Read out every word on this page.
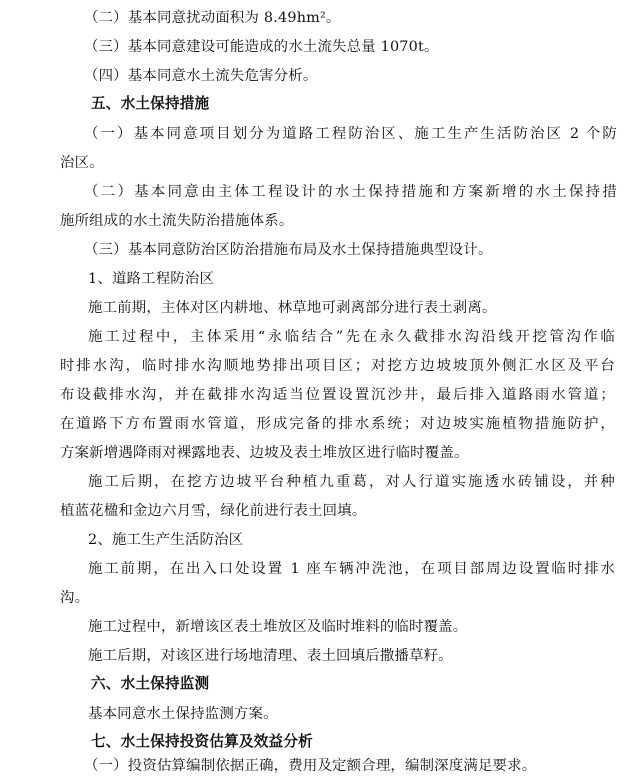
（二）基本同意扰动面积为 8.49hm²。
（三）基本同意建设可能造成的水土流失总量 1070t。
（四）基本同意水土流失危害分析。
五、水土保持措施
（一）基本同意项目划分为道路工程防治区、施工生产生活防治区 2 个防
治区。
（二）基本同意由主体工程设计的水土保持措施和方案新增的水土保持措
施所组成的水土流失防治措施体系。
（三）基本同意防治区防治措施布局及水土保持措施典型设计。
1、道路工程防治区
施工前期，主体对区内耕地、林草地可剥离部分进行表土剥离。
施工过程中，主体采用“永临结合”先在永久截排水沟沿线开挖管沟作临
时排水沟，临时排水沟顺地势排出项目区；对挖方边坡坡顶外侧汇水区及平台
布设截排水沟，并在截排水沟适当位置设置沉沙井，最后排入道路雨水管道；
在道路下方布置雨水管道，形成完备的排水系统；对边坡实施植物措施防护，
方案新增遇降雨对裸露地表、边坡及表土堆放区进行临时覆盖。
施工后期，在挖方边坡平台种植九重葛，对人行道实施透水砖铺设，并种
植蓝花楹和金边六月雪，绿化前进行表土回填。
2、施工生产生活防治区
施工前期，在出入口处设置 1 座车辆冲洗池，在项目部周边设置临时排水
沟。
施工过程中，新增该区表土堆放区及临时堆料的临时覆盖。
施工后期，对该区进行场地清理、表土回填后撒播草籽。
六、水土保持监测
基本同意水土保持监测方案。
七、水土保持投资估算及效益分析
（一）投资估算编制依据正确，费用及定额合理，编制深度满足要求。
